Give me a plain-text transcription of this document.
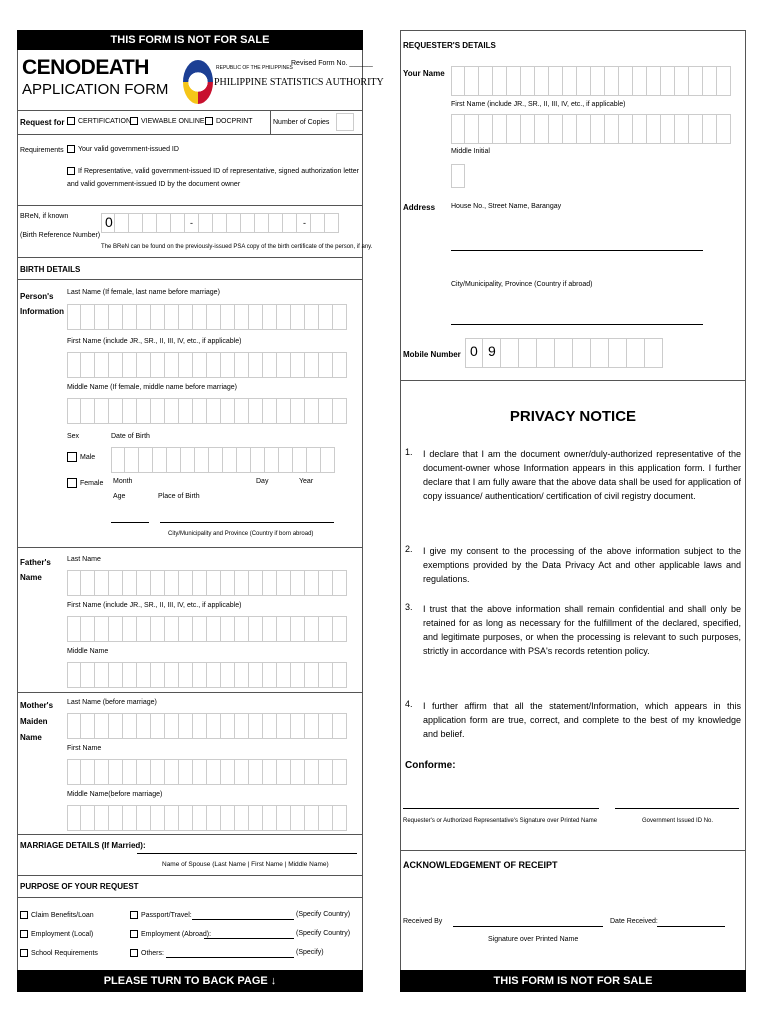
THIS FORM IS NOT FOR SALE
CENODEATH
APPLICATION FORM
Revised Form No. ______
REPUBLIC OF THE PHILIPPINES
PHILIPPINE STATISTICS AUTHORITY
Request for	CERTIFICATION	VIEWABLE ONLINE	DOCPRINT	Number of Copies
Requirements	Your valid government-issued ID
If Representative, valid government-issued ID of representative, signed authorization letter and valid government-issued ID by the document owner
BReN, if known
(Birth Reference Number)
0	-	-
The BReN can be found on the previously-issued PSA copy of the birth certificate of the person, if any.
BIRTH DETAILS
Person's Information
Last Name (If female, last name before marriage)
First Name (include JR., SR., II, III, IV, etc., if applicable)
Middle Name (If female, middle name before marriage)
Sex
Male
Female
Date of Birth
Month	Day	Year
Age	Place of Birth
City/Municipality and Province (Country if born abroad)
Father's Name
Last Name
First Name (include JR., SR., II, III, IV, etc., if applicable)
Middle Name
Mother's Maiden Name
Last Name (before marriage)
First Name
Middle Name(before marriage)
MARRIAGE DETAILS (If Married):
Name of Spouse (Last Name | First Name | Middle Name)
PURPOSE OF YOUR REQUEST
Claim Benefits/Loan
Employment (Local)
School Requirements
Passport/Travel:
Employment (Abroad):
Others:
(Specify Country)
(Specify Country)
(Specify)
PLEASE TURN TO BACK PAGE ↓
REQUESTER'S DETAILS
Your Name
First Name (include JR., SR., II, III, IV, etc., if applicable)
Middle Initial
Address House No., Street Name, Barangay
City/Municipality, Province (Country if abroad)
Mobile Number 0 9
PRIVACY NOTICE
1. I declare that I am the document owner/duly-authorized representative of the document-owner whose Information appears in this application form. I further declare that I am fully aware that the above data shall be used for application of copy issuance/ authentication/ certification of civil registry document.
2. I give my consent to the processing of the above information subject to the exemptions provided by the Data Privacy Act and other applicable laws and regulations.
3. I trust that the above information shall remain confidential and shall only be retained for as long as necessary for the fulfillment of the declared, specified, and legitimate purposes, or when the processing is relevant to such purposes, strictly in accordance with PSA's records retention policy.
4. I further affirm that all the statement/Information, which appears in this application form are true, correct, and complete to the best of my knowledge and belief.
Conforme:
Requester's or Authorized Representative's Signature over Printed Name	Government Issued ID No.
ACKNOWLEDGEMENT OF RECEIPT
Received By	Date Received:
Signature over Printed Name
THIS FORM IS NOT FOR SALE
